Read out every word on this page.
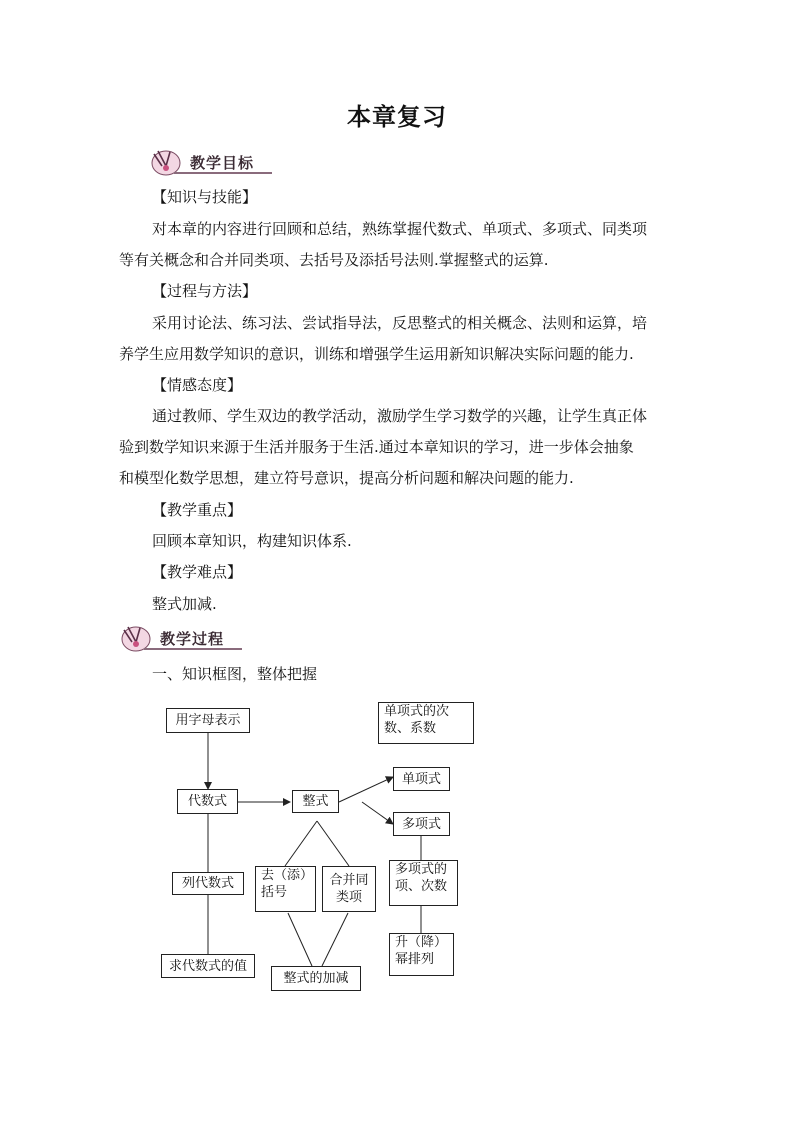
本章复习
教学目标
【知识与技能】
对本章的内容进行回顾和总结，熟练掌握代数式、单项式、多项式、同类项
等有关概念和合并同类项、去括号及添括号法则.掌握整式的运算.
【过程与方法】
采用讨论法、练习法、尝试指导法，反思整式的相关概念、法则和运算，培
养学生应用数学知识的意识，训练和增强学生运用新知识解决实际问题的能力.
【情感态度】
通过教师、学生双边的教学活动，激励学生学习数学的兴趣，让学生真正体
验到数学知识来源于生活并服务于生活.通过本章知识的学习，进一步体会抽象
和模型化数学思想，建立符号意识，提高分析问题和解决问题的能力.
【教学重点】
回顾本章知识，构建知识体系.
【教学难点】
整式加减.
教学过程
一、知识框图，整体把握
用字母表示
代数式
列代数式
求代数式的值
整式
去（添）
括号
合并同
类项
整式的加减
单项式的次
数、系数
单项式
多项式
多项式的
项、次数
升（降）
幂排列
